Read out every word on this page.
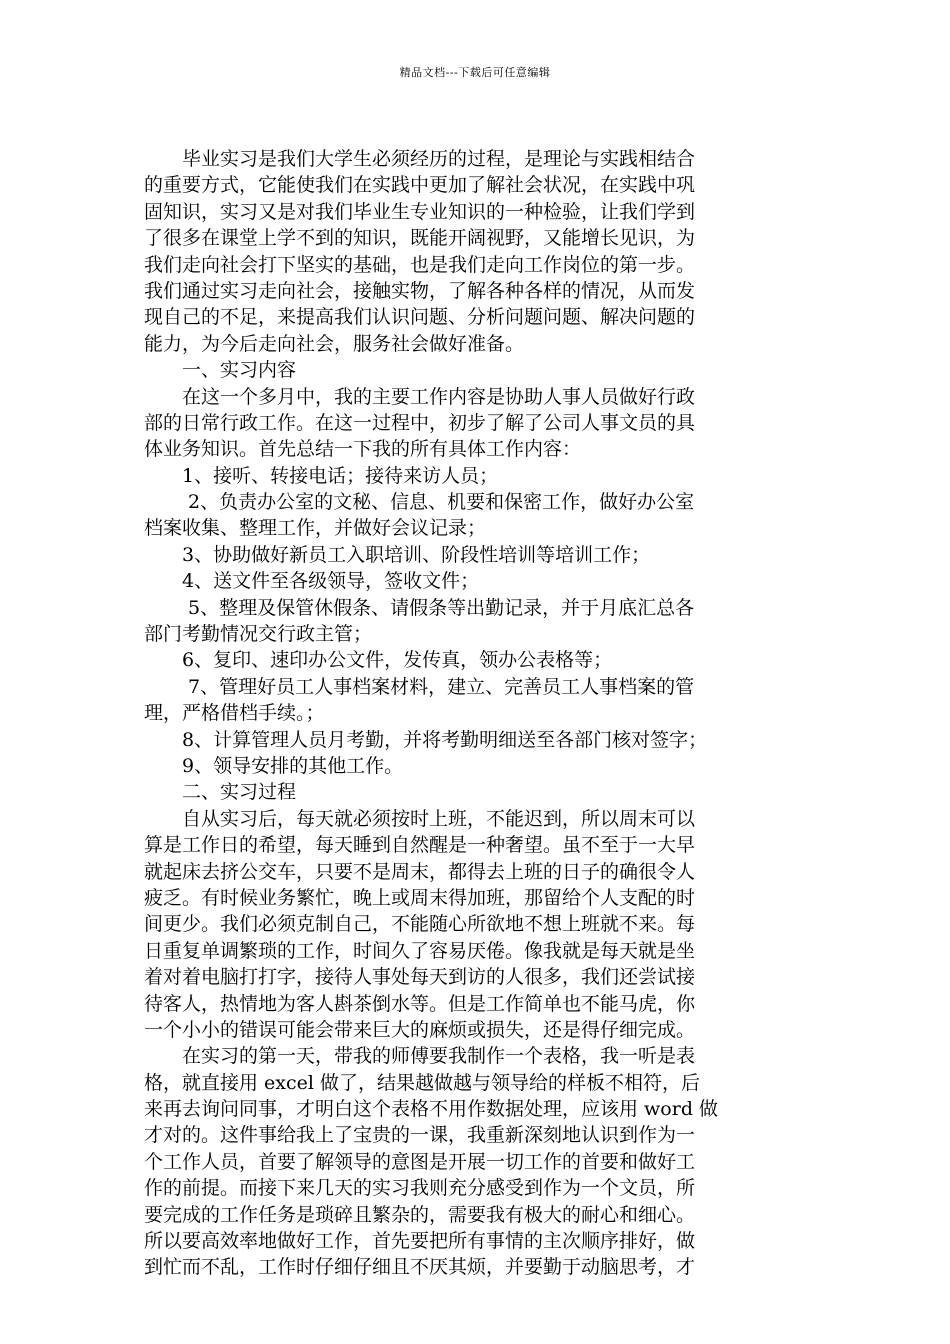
精品文档---下载后可任意编辑
　　毕业实习是我们大学生必须经历的过程，是理论与实践相结合
的重要方式，它能使我们在实践中更加了解社会状况，在实践中巩
固知识，实习又是对我们毕业生专业知识的一种检验，让我们学到
了很多在课堂上学不到的知识，既能开阔视野，又能增长见识，为
我们走向社会打下坚实的基础，也是我们走向工作岗位的第一步。
我们通过实习走向社会，接触实物，了解各种各样的情况，从而发
现自己的不足，来提高我们认识问题、分析问题问题、解决问题的
能力，为今后走向社会，服务社会做好准备。
　　一、实习内容
　　在这一个多月中，我的主要工作内容是协助人事人员做好行政
部的日常行政工作。在这一过程中，初步了解了公司人事文员的具
体业务知识。首先总结一下我的所有具体工作内容：
　　1、接听、转接电话；接待来访人员；
　　 2、负责办公室的文秘、信息、机要和保密工作，做好办公室
档案收集、整理工作，并做好会议记录；
　　3、协助做好新员工入职培训、阶段性培训等培训工作；
　　4、送文件至各级领导，签收文件；
　　 5、整理及保管休假条、请假条等出勤记录，并于月底汇总各
部门考勤情况交行政主管；
　　6、复印、速印办公文件，发传真，领办公表格等；
　　 7、管理好员工人事档案材料，建立、完善员工人事档案的管
理，严格借档手续。；
　　8、计算管理人员月考勤，并将考勤明细送至各部门核对签字；
　　9、领导安排的其他工作。
　　二、实习过程
　　自从实习后，每天就必须按时上班，不能迟到，所以周末可以
算是工作日的希望，每天睡到自然醒是一种奢望。虽不至于一大早
就起床去挤公交车，只要不是周末，都得去上班的日子的确很令人
疲乏。有时候业务繁忙，晚上或周末得加班，那留给个人支配的时
间更少。我们必须克制自己，不能随心所欲地不想上班就不来。每
日重复单调繁琐的工作，时间久了容易厌倦。像我就是每天就是坐
着对着电脑打打字，接待人事处每天到访的人很多，我们还尝试接
待客人，热情地为客人斟茶倒水等。但是工作简单也不能马虎，你
一个小小的错误可能会带来巨大的麻烦或损失，还是得仔细完成。
　　在实习的第一天，带我的师傅要我制作一个表格，我一听是表
格，就直接用 excel 做了，结果越做越与领导给的样板不相符，后
来再去询问同事，才明白这个表格不用作数据处理，应该用 word 做
才对的。这件事给我上了宝贵的一课，我重新深刻地认识到作为一
个工作人员，首要了解领导的意图是开展一切工作的首要和做好工
作的前提。而接下来几天的实习我则充分感受到作为一个文员，所
要完成的工作任务是琐碎且繁杂的，需要我有极大的耐心和细心。
所以要高效率地做好工作，首先要把所有事情的主次顺序排好，做
到忙而不乱，工作时仔细仔细且不厌其烦，并要勤于动脑思考，才
